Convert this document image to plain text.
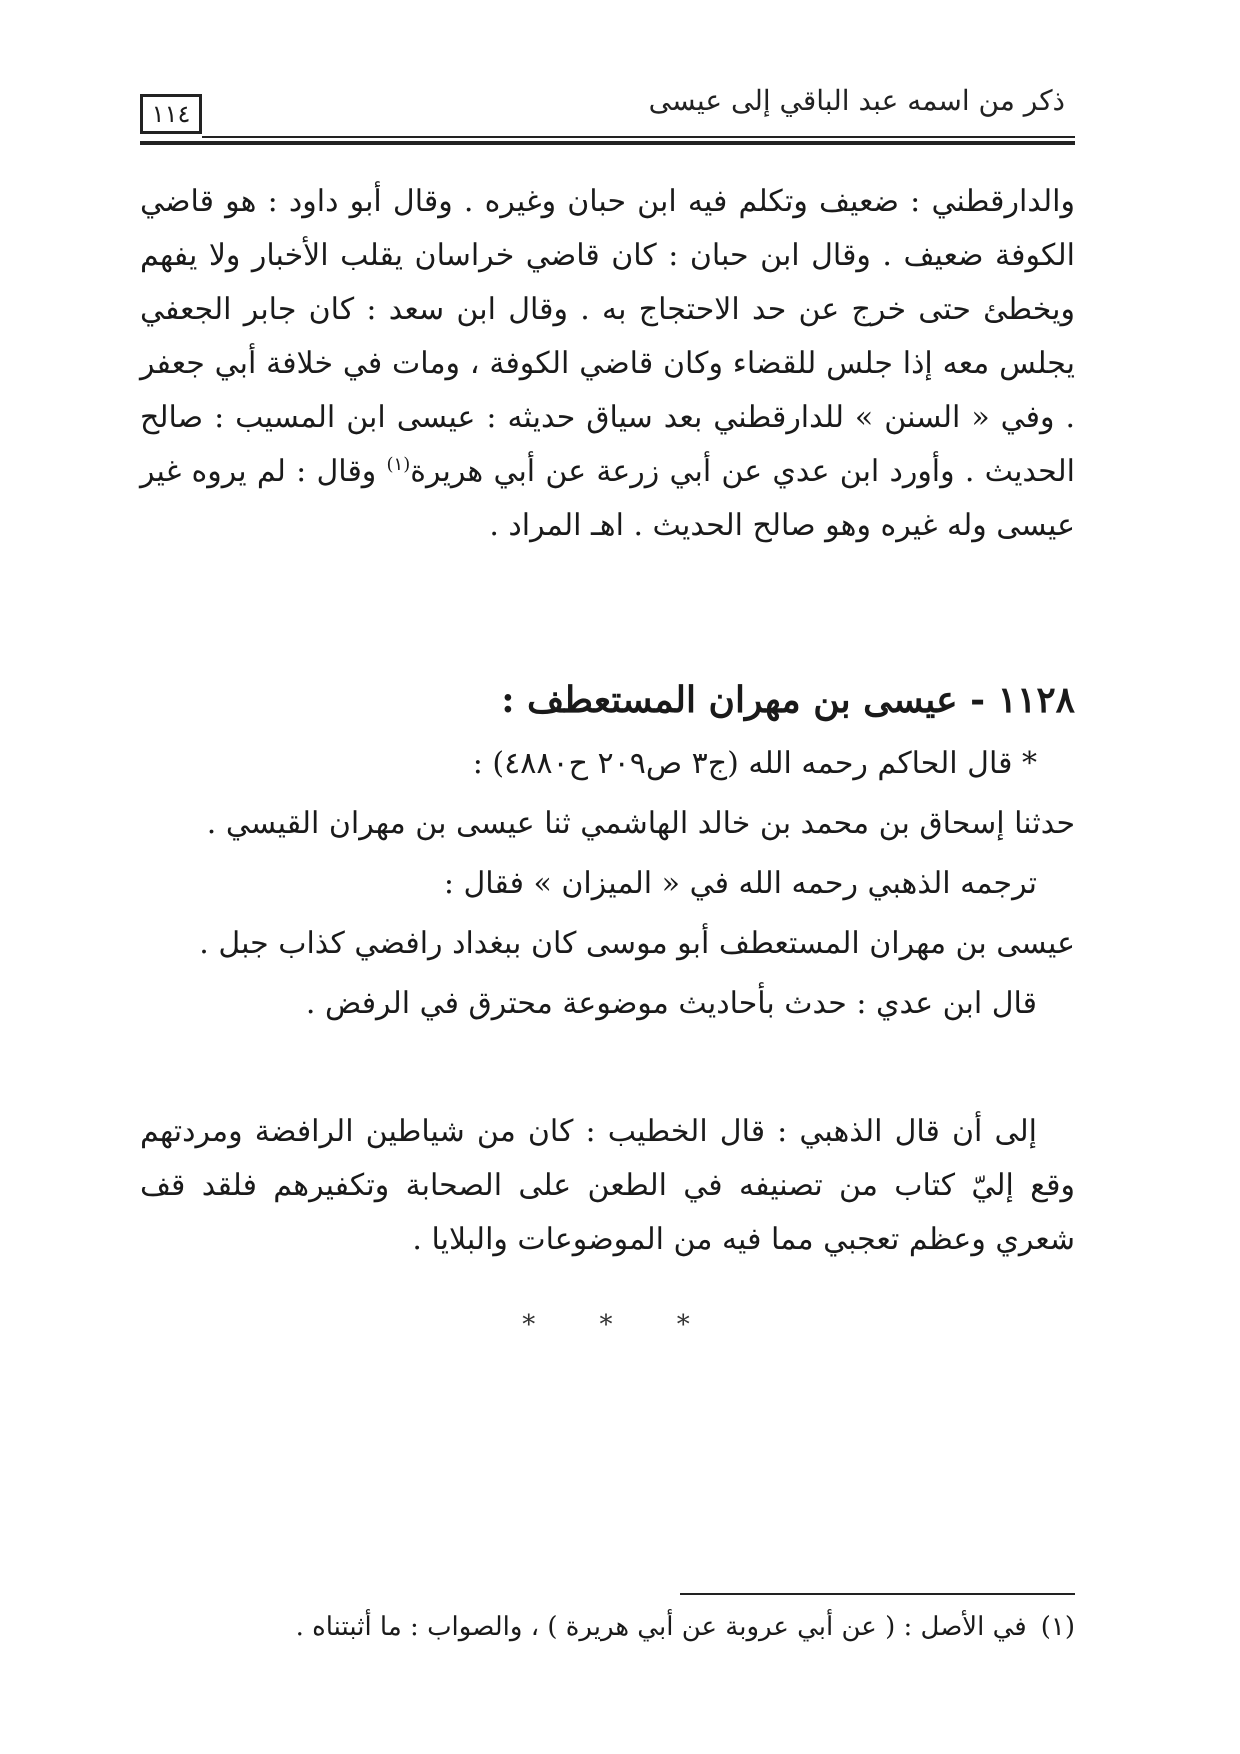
ذكر من اسمه عبد الباقي إلى عيسى
١١٤

والدارقطني : ضعيف وتكلم فيه ابن حبان وغيره . وقال أبو داود : هو قاضي الكوفة ضعيف . وقال ابن حبان : كان قاضي خراسان يقلب الأخبار ولا يفهم ويخطئ حتى خرج عن حد الاحتجاج به . وقال ابن سعد : كان جابر الجعفي يجلس معه إذا جلس للقضاء وكان قاضي الكوفة ، ومات في خلافة أبي جعفر . وفي « السنن » للدارقطني بعد سياق حديثه : عيسى ابن المسيب : صالح الحديث . وأورد ابن عدي عن أبي زرعة عن أبي هريرة$^{(١)}$ وقال : لم يروه غير عيسى وله غيره وهو صالح الحديث . اهـ المراد .

١١٢٨ - عيسى بن مهران المستعطف :

* قال الحاكم رحمه الله (ج٣ ص٢٠٩ ح٤٨٨٠) :

حدثنا إسحاق بن محمد بن خالد الهاشمي ثنا عيسى بن مهران القيسي .

ترجمه الذهبي رحمه الله في « الميزان » فقال :

عيسى بن مهران المستعطف أبو موسى كان ببغداد رافضي كذاب جبل .

قال ابن عدي : حدث بأحاديث موضوعة محترق في الرفض .

إلى أن قال الذهبي : قال الخطيب : كان من شياطين الرافضة ومردتهم وقع إليّ كتاب من تصنيفه في الطعن على الصحابة وتكفيرهم فلقد قف شعري وعظم تعجبي مما فيه من الموضوعات والبلايا .

* * *
(١)في الأصل : ( عن أبي عروبة عن أبي هريرة ) ، والصواب : ما أثبتناه .
